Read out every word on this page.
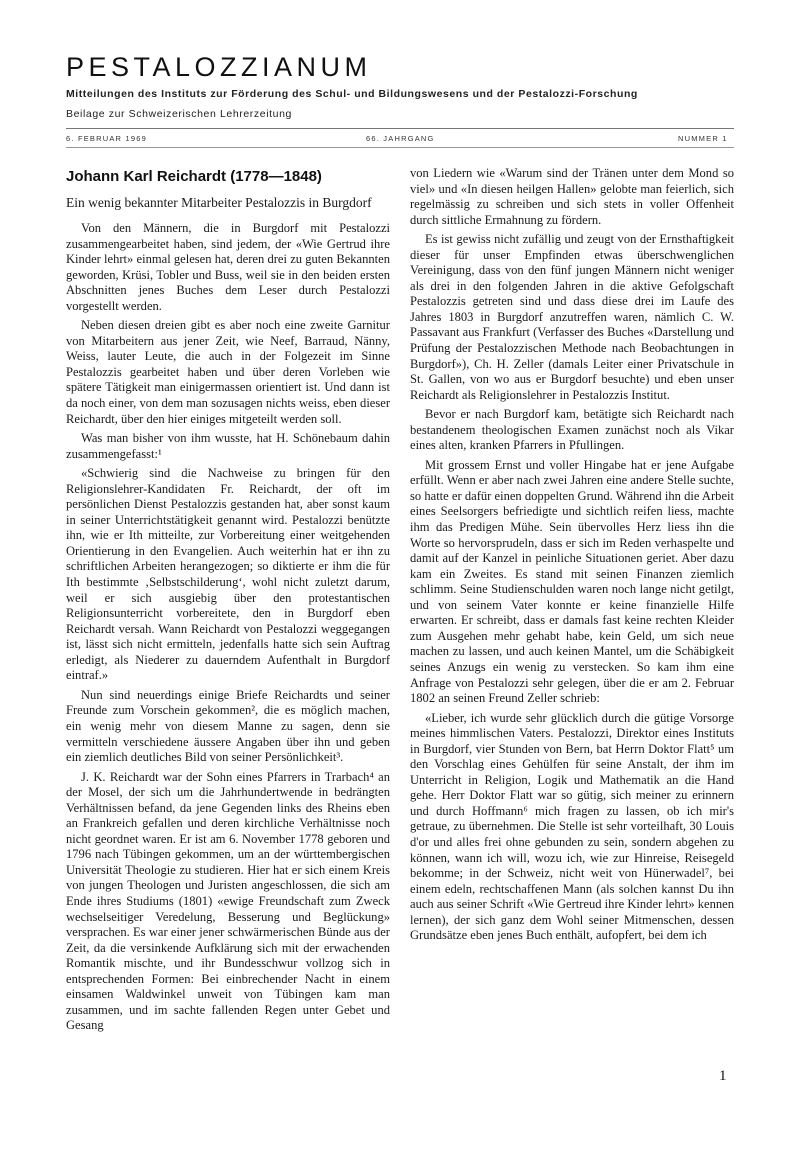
PESTALOZZIANUM
Mitteilungen des Instituts zur Förderung des Schul- und Bildungswesens und der Pestalozzi-Forschung
Beilage zur Schweizerischen Lehrerzeitung
6. FEBRUAR 1969	66. JAHRGANG	NUMMER 1
Johann Karl Reichardt (1778—1848)
Ein wenig bekannter Mitarbeiter Pestalozzis in Burgdorf

Von den Männern, die in Burgdorf mit Pestalozzi zusammengearbeitet haben, sind jedem, der «Wie Gertrud ihre Kinder lehrt» einmal gelesen hat, deren drei zu guten Bekannten geworden, Krüsi, Tobler und Buss, weil sie in den beiden ersten Abschnitten jenes Buches dem Leser durch Pestalozzi vorgestellt werden.

Neben diesen dreien gibt es aber noch eine zweite Garnitur von Mitarbeitern aus jener Zeit, wie Neef, Barraud, Nänny, Weiss, lauter Leute, die auch in der Folgezeit im Sinne Pestalozzis gearbeitet haben und über deren Vorleben wie spätere Tätigkeit man einigermassen orientiert ist. Und dann ist da noch einer, von dem man sozusagen nichts weiss, eben dieser Reichardt, über den hier einiges mitgeteilt werden soll.

Was man bisher von ihm wusste, hat H. Schönebaum dahin zusammengefasst:¹

«Schwierig sind die Nachweise zu bringen für den Religionslehrer-Kandidaten Fr. Reichardt, der oft im persönlichen Dienst Pestalozzis gestanden hat, aber sonst kaum in seiner Unterrichtstätigkeit genannt wird. Pestalozzi benützte ihn, wie er Ith mitteilte, zur Vorbereitung einer weitgehenden Orientierung in den Evangelien. Auch weiterhin hat er ihn zu schriftlichen Arbeiten herangezogen; so diktierte er ihm die für Ith bestimmte ‚Selbstschilderung‘, wohl nicht zuletzt darum, weil er sich ausgiebig über den protestantischen Religionsunterricht vorbereitete, den in Burgdorf eben Reichardt versah. Wann Reichardt von Pestalozzi weggegangen ist, lässt sich nicht ermitteln, jedenfalls hatte sich sein Auftrag erledigt, als Niederer zu dauerndem Aufenthalt in Burgdorf eintraf.»

Nun sind neuerdings einige Briefe Reichardts und seiner Freunde zum Vorschein gekommen², die es möglich machen, ein wenig mehr von diesem Manne zu sagen, denn sie vermitteln verschiedene äussere Angaben über ihn und geben ein ziemlich deutliches Bild von seiner Persönlichkeit³.

J. K. Reichardt war der Sohn eines Pfarrers in Trarbach⁴ an der Mosel, der sich um die Jahrhundertwende in bedrängten Verhältnissen befand, da jene Gegenden links des Rheins eben an Frankreich gefallen und deren kirchliche Verhältnisse noch nicht geordnet waren. Er ist am 6. November 1778 geboren und 1796 nach Tübingen gekommen, um an der württembergischen Universität Theologie zu studieren. Hier hat er sich einem Kreis von jungen Theologen und Juristen angeschlossen, die sich am Ende ihres Studiums (1801) «ewige Freundschaft zum Zweck wechselseitiger Veredelung, Besserung und Beglückung» versprachen. Es war einer jener schwärmerischen Bünde aus der Zeit, da die versinkende Aufklärung sich mit der erwachenden Romantik mischte, und ihr Bundesschwur vollzog sich in entsprechenden Formen: Bei einbrechender Nacht in einem einsamen Waldwinkel unweit von Tübingen kam man zusammen, und im sachte fallenden Regen unter Gebet und Gesang

von Liedern wie «Warum sind der Tränen unter dem Mond so viel» und «In diesen heilgen Hallen» gelobte man feierlich, sich regelmässig zu schreiben und sich stets in voller Offenheit durch sittliche Ermahnung zu fördern.

Es ist gewiss nicht zufällig und zeugt von der Ernsthaftigkeit dieser für unser Empfinden etwas überschwenglichen Vereinigung, dass von den fünf jungen Männern nicht weniger als drei in den folgenden Jahren in die aktive Gefolgschaft Pestalozzis getreten sind und dass diese drei im Laufe des Jahres 1803 in Burgdorf anzutreffen waren, nämlich C. W. Passavant aus Frankfurt (Verfasser des Buches «Darstellung und Prüfung der Pestalozzischen Methode nach Beobachtungen in Burgdorf»), Ch. H. Zeller (damals Leiter einer Privatschule in St. Gallen, von wo aus er Burgdorf besuchte) und eben unser Reichardt als Religionslehrer in Pestalozzis Institut.

Bevor er nach Burgdorf kam, betätigte sich Reichardt nach bestandenem theologischen Examen zunächst noch als Vikar eines alten, kranken Pfarrers in Pfullingen.

Mit grossem Ernst und voller Hingabe hat er jene Aufgabe erfüllt. Wenn er aber nach zwei Jahren eine andere Stelle suchte, so hatte er dafür einen doppelten Grund. Während ihn die Arbeit eines Seelsorgers befriedigte und sichtlich reifen liess, machte ihm das Predigen Mühe. Sein übervolles Herz liess ihn die Worte so hervorsprudeln, dass er sich im Reden verhaspelte und damit auf der Kanzel in peinliche Situationen geriet. Aber dazu kam ein Zweites. Es stand mit seinen Finanzen ziemlich schlimm. Seine Studienschulden waren noch lange nicht getilgt, und von seinem Vater konnte er keine finanzielle Hilfe erwarten. Er schreibt, dass er damals fast keine rechten Kleider zum Ausgehen mehr gehabt habe, kein Geld, um sich neue machen zu lassen, und auch keinen Mantel, um die Schäbigkeit seines Anzugs ein wenig zu verstecken. So kam ihm eine Anfrage von Pestalozzi sehr gelegen, über die er am 2. Februar 1802 an seinen Freund Zeller schrieb:

«Lieber, ich wurde sehr glücklich durch die gütige Vorsorge meines himmlischen Vaters. Pestalozzi, Direktor eines Instituts in Burgdorf, vier Stunden von Bern, bat Herrn Doktor Flatt⁵ um den Vorschlag eines Gehülfen für seine Anstalt, der ihm im Unterricht in Religion, Logik und Mathematik an die Hand gehe. Herr Doktor Flatt war so gütig, sich meiner zu erinnern und durch Hoffmann⁶ mich fragen zu lassen, ob ich mir's getraue, zu übernehmen. Die Stelle ist sehr vorteilhaft, 30 Louis d'or und alles frei ohne gebunden zu sein, sondern abgehen zu können, wann ich will, wozu ich, wie zur Hinreise, Reisegeld bekomme; in der Schweiz, nicht weit von Hünerwadel⁷, bei einem edeln, rechtschaffenen Mann (als solchen kannst Du ihn auch aus seiner Schrift «Wie Gertreud ihre Kinder lehrt» kennen lernen), der sich ganz dem Wohl seiner Mitmenschen, dessen Grundsätze eben jenes Buch enthält, aufopfert, bei dem ich

1
